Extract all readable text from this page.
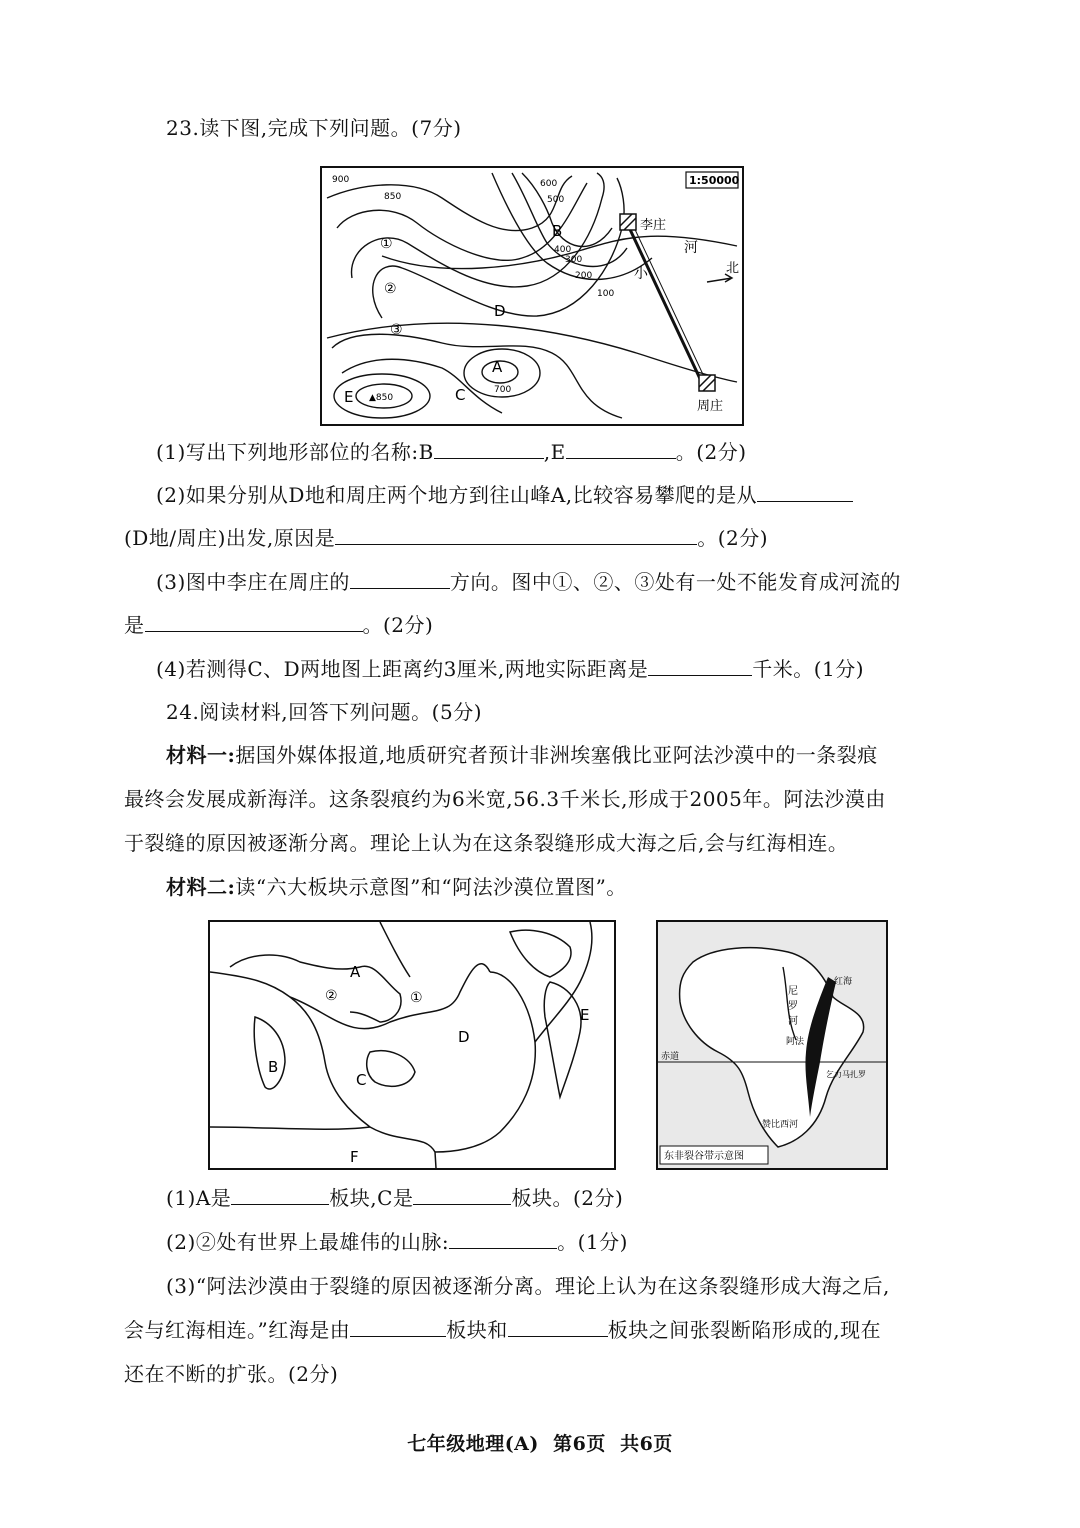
23.读下图,完成下列问题。(7分)
1:50000
李庄
周庄
小
河
北
B
D
A
C
E
①
②
③
▲850
100
200
300
400
500
600
700
850
900
(1)写出下列地形部位的名称:B	,E	。(2分)
(2)如果分别从D地和周庄两个地方到往山峰A,比较容易攀爬的是从
(D地/周庄)出发,原因是	。(2分)
(3)图中李庄在周庄的	方向。图中①、②、③处有一处不能发育成河流的
是	。(2分)
(4)若测得C、D两地图上距离约3厘米,两地实际距离是	千米。(1分)
24.阅读材料,回答下列问题。(5分)
材料一:据国外媒体报道,地质研究者预计非洲埃塞俄比亚阿法沙漠中的一条裂痕
最终会发展成新海洋。这条裂痕约为6米宽,56.3千米长,形成于2005年。阿法沙漠由
于裂缝的原因被逐渐分离。理论上认为在这条裂缝形成大海之后,会与红海相连。
材料二:读“六大板块示意图”和“阿法沙漠位置图”。
A
B
C
D
E
F
①
②
红海
尼
罗
河
阿法
赤道
乞力马扎罗
赞比西河
东非裂谷带示意图
(1)A是	板块,C是	板块。(2分)
(2)②处有世界上最雄伟的山脉:	。(1分)
(3)“阿法沙漠由于裂缝的原因被逐渐分离。理论上认为在这条裂缝形成大海之后,
会与红海相连。”红海是由	板块和	板块之间张裂断陷形成的,现在
还在不断的扩张。(2分)
七年级地理(A)  第6页  共6页
